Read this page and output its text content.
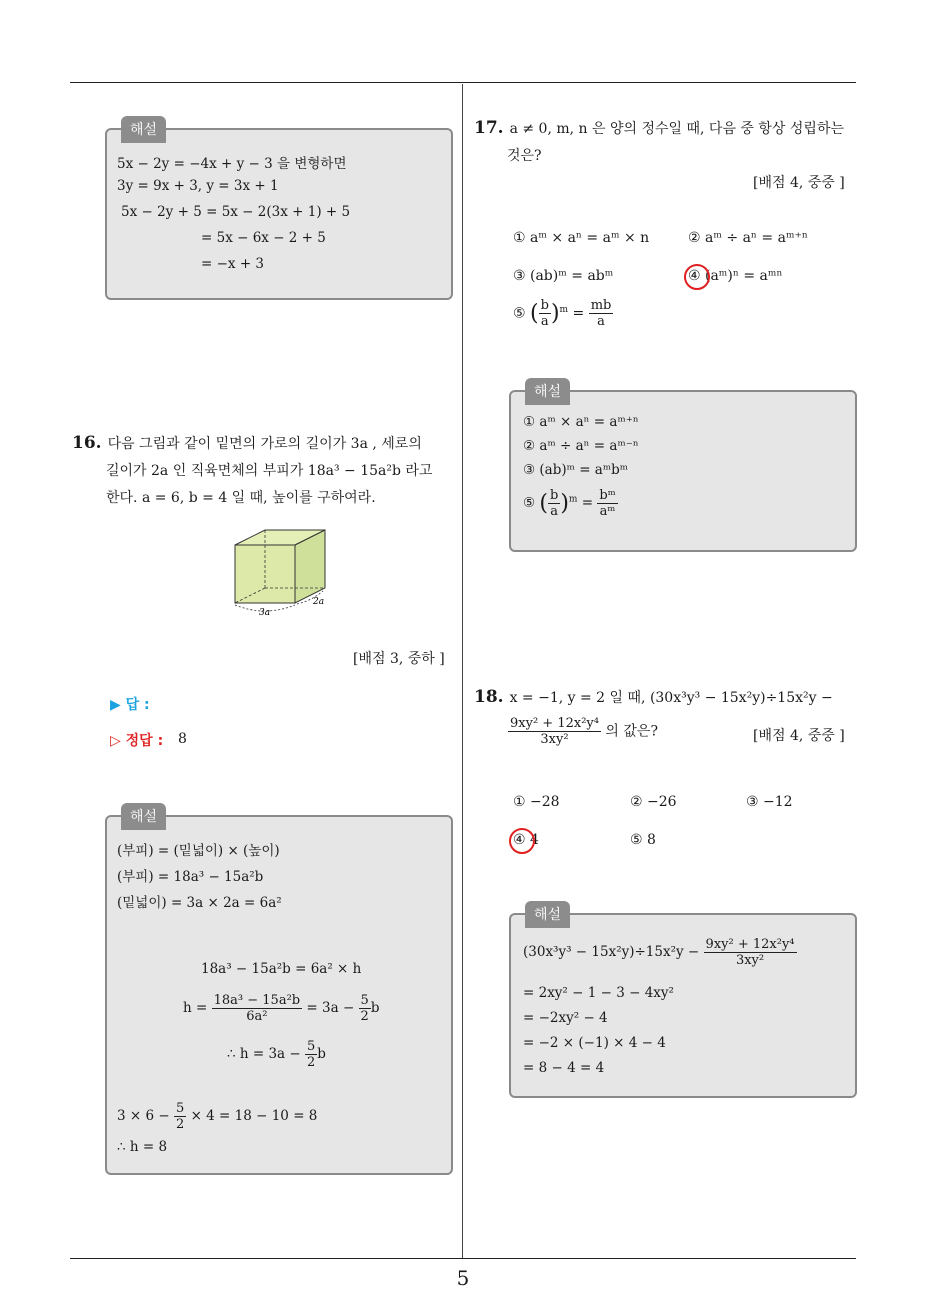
해설
5x − 2y = −4x + y − 3 을 변형하면
3y = 9x + 3, y = 3x + 1
5x − 2y + 5 = 5x − 2(3x + 1) + 5
= 5x − 6x − 2 + 5
= −x + 3
16. 다음 그림과 같이 밑면의 가로의 길이가 3a , 세로의
길이가 2a 인 직육면체의 부피가 18a³ − 15a²b 라고
한다. a = 6, b = 4 일 때, 높이를 구하여라.
3a
2a
[배점 3, 중하 ]
▶ 답 :
▷ 정답 : 8
해설
(부피) = (밑넓이) × (높이)
(부피) = 18a³ − 15a²b
(밑넓이) = 3a × 2a = 6a²
18a³ − 15a²b = 6a² × h
$h = \frac{\text{18a³ − 15a²b}}{\text{6a²}} = 3a - \frac{5}{2}$ b
∴ $h = 3a - \frac{5}{2}$ b
$3 \times 6 - \frac{5}{2} \times 4 = 18 - 10 = 8$
∴ h = 8
17. a ≠ 0, m, n 은 양의 정수일 때, 다음 중 항상 성립하는
것은?
[배점 4, 중중 ]
① aᵐ × aⁿ = aᵐ × n	② aᵐ ÷ aⁿ = aᵐ⁺ⁿ
③ (ab)ᵐ = abᵐ	④ (aᵐ)ⁿ = aᵐⁿ
⑤ ( $\frac{b}{a} )^m = \frac{mb}{a}$
해설
① aᵐ × aⁿ = aᵐ⁺ⁿ
② aᵐ ÷ aⁿ = aᵐ⁻ⁿ
③ (ab)ᵐ = aᵐbᵐ
⑤ ( $\frac{b}{a} )^m = \frac{\text{bᵐ}}{\text{aᵐ}}$
18. x = −1, y = 2 일 때, (30x³y³ − 15x²y)÷15x²y −
$\frac{\text{9xy² + 12x²y⁴}}{\text{3xy²}}$ 의 값은?	[배점 4, 중중 ]
① −28	② −26	③ −12
④ 4	⑤ 8
해설
$(30x^3y^3 - 15x^2y)\div 15x^2y - \frac{\text{9xy² + 12x²y⁴}}{\text{3xy²}}$
= 2xy² − 1 − 3 − 4xy²
= −2xy² − 4
= −2 × (−1) × 4 − 4
= 8 − 4 = 4
5
